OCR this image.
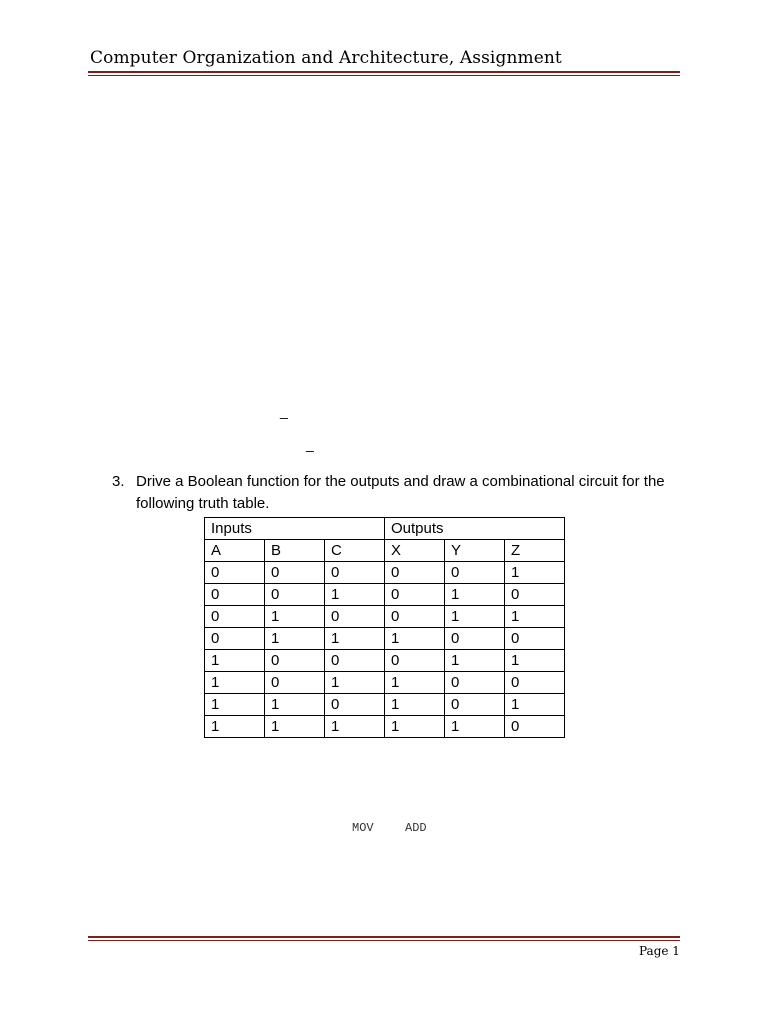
Computer Organization and Architecture, Assignment
_
_
3. Drive a Boolean function for the outputs and draw a combinational circuit for the following truth table.
Inputs			Outputs		
A	B	C	X	Y	Z
0	0	0	0	0	1
0	0	1	0	1	0
0	1	0	0	1	1
0	1	1	1	0	0
1	0	0	0	1	1
1	0	1	1	0	0
1	1	0	1	0	1
1	1	1	1	1	0
MOV	ADD
Page 1
